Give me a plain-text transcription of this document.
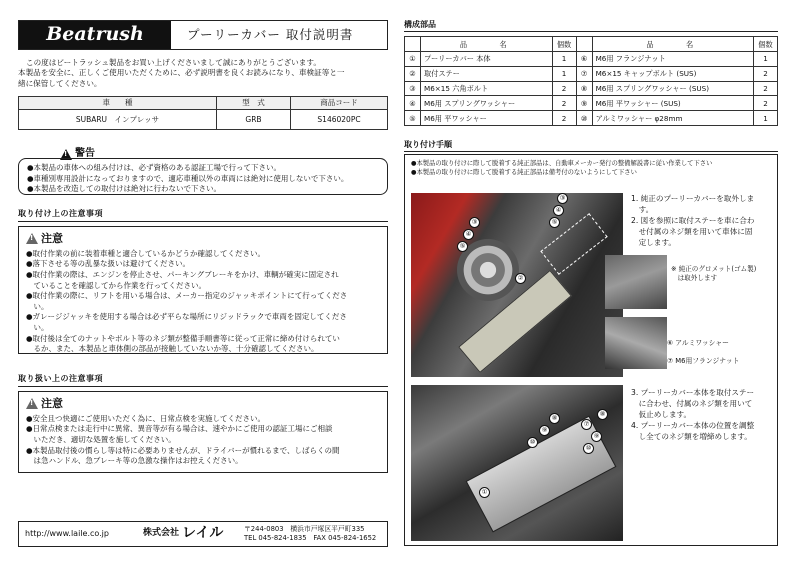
Beatrush	プーリーカバー 取付説明書
この度はビートラッシュ製品をお買い上げくださいまして誠にありがとうございます。
本製品を安全に、正しくご使用いただくために、必ず説明書を良くお読みになり、車検証等と一
緒に保管してください。
車　　種	型　式	商品コード
SUBARU　インプレッサ	GRB	S146020PC
!
警告
●本製品の車体への組み付けは、必ず資格のある認証工場で行って下さい。
●車種別専用設計になっておりますので、適応車種以外の車両には絶対に使用しないで下さい。
●本製品を改造しての取付けは絶対に行わないで下さい。
取り付け上の注意事項
!
注意
●取付作業の前に装着車種と適合しているかどうか確認してください。
●落下させる等の乱暴な扱いは避けてください。
●取付作業の際は、エンジンを停止させ、パーキングブレーキをかけ、車輌が確実に固定され
　ていることを確認してから作業を行ってください。
●取付作業の際に、リフトを用いる場合は、メーカー指定のジャッキポイントにて行ってくださ
　い。
●ガレージジャッキを使用する場合は必ず平らな場所にリジッドラックで車両を固定してくださ
　い。
●取付後は全てのナットやボルト等のネジ類が整備手順書等に従って正常に締め付けられてい
　るか、また、本製品と車体側の部品が接触していないか等、十分確認してください。
取り扱い上の注意事項
!
注意
●安全且つ快適にご使用いただく為に、日常点検を実施してください。
●日常点検または走行中に異常、異音等が有る場合は、速やかにご使用の認証工場にご相談
　いただき、適切な処置を施してください。
●本製品取付後の慣らし等は特に必要ありませんが、ドライバーが慣れるまで、しばらくの間
　は急ハンドル、急ブレーキ等の急激な操作はお控えください。
http://www.laile.co.jp	株式会社 レイル	〒244-0803　横浜市戸塚区平戸町335
TEL 045-824-1835　FAX 045-824-1652
構成部品
	品　　名	個数		品　　名	個数
①	プーリーカバー 本体	1	⑥	M6用 フランジナット	1
②	取付ステー	1	⑦	M6×15 キャップボルト (SUS)	2
③	M6×15 六角ボルト	2	⑧	M6用 スプリングワッシャー (SUS)	2
④	M6用 スプリングワッシャー	2	⑨	M6用 平ワッシャー (SUS)	2
⑤	M6用 平ワッシャー	2	⑩	アルミワッシャー φ28mm	1
取り付け手順
●本製品の取り付けに際して脱着する純正部品は、自動車メーカー発行の整備解説書に従い作業して下さい
●本製品の取り付けに際して脱着する純正部品は備考付のないようにして下さい
③
④
⑤
②
⑤
④
③	1. 純正のプーリーカバーを取外しま
　す。
2. 図を参照に取付ステーを車に合わ
　せ付属のネジ類を用いて車体に固
　定します。
※ 純正のグロメット(ゴム製)
　は取外します
⑥ アルミワッシャー
⑦ M6用フランジナット
⑧
⑨
⑩
⑦
⑧
⑨
⑩
①
3. プーリーカバー本体を取付ステー
　に合わせ、付属のネジ類を用いて
　仮止めします。
4. プーリーカバー本体の位置を調整
　し全てのネジ類を増締めします。
